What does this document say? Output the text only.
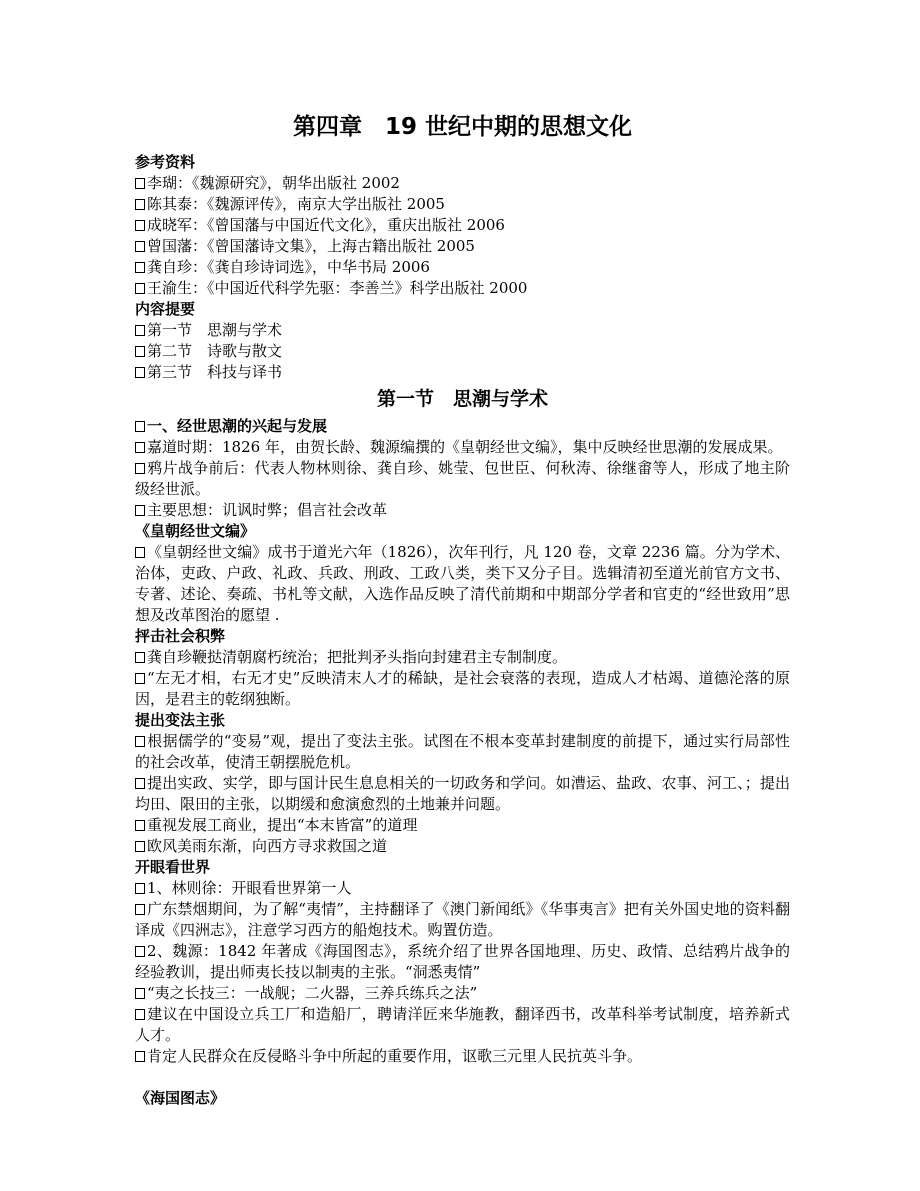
第四章　19 世纪中期的思想文化
参考资料
李瑚：《魏源研究》，朝华出版社 2002
陈其泰：《魏源评传》，南京大学出版社 2005
成晓军：《曾国藩与中国近代文化》，重庆出版社 2006
曾国藩：《曾国藩诗文集》，上海古籍出版社 2005
龚自珍：《龚自珍诗词选》，中华书局 2006
王渝生：《中国近代科学先驱：李善兰》科学出版社 2000
内容提要
第一节　思潮与学术
第二节　诗歌与散文
第三节　科技与译书
第一节　思潮与学术
一、经世思潮的兴起与发展
嘉道时期：1826 年，由贺长龄、魏源编撰的《皇朝经世文编》，集中反映经世思潮的发展成果。
鸦片战争前后：代表人物林则徐、龚自珍、姚莹、包世臣、何秋涛、徐继畬等人，形成了地主阶级经世派。
主要思想：讥讽时弊；倡言社会改革
《皇朝经世文编》
《皇朝经世文编》成书于道光六年（1826），次年刊行，凡 120 卷，文章 2236 篇。分为学术、治体，吏政、户政、礼政、兵政、刑政、工政八类，类下又分子目。选辑清初至道光前官方文书、专著、述论、奏疏、书札等文献，入选作品反映了清代前期和中期部分学者和官吏的“经世致用”思想及改革图治的愿望 .
抨击社会积弊
龚自珍鞭挞清朝腐朽统治；把批判矛头指向封建君主专制制度。
“左无才相，右无才史”反映清末人才的稀缺，是社会衰落的表现，造成人才枯竭、道德沦落的原因，是君主的乾纲独断。
提出变法主张
根据儒学的“变易”观，提出了变法主张。试图在不根本变革封建制度的前提下，通过实行局部性的社会改革，使清王朝摆脱危机。
提出实政、实学，即与国计民生息息相关的一切政务和学问。如漕运、盐政、农事、河工、；提出均田、限田的主张，以期缓和愈演愈烈的土地兼并问题。
重视发展工商业，提出“本末皆富”的道理
欧风美雨东渐，向西方寻求救国之道
开眼看世界
1、林则徐：开眼看世界第一人
广东禁烟期间，为了解“夷情”，主持翻译了《澳门新闻纸》《华事夷言》把有关外国史地的资料翻译成《四洲志》，注意学习西方的船炮技术。购置仿造。
2、魏源：1842 年著成《海国图志》，系统介绍了世界各国地理、历史、政情、总结鸦片战争的经验教训，提出师夷长技以制夷的主张。“洞悉夷情”
“夷之长技三：一战舰；二火器，三养兵练兵之法”
建议在中国设立兵工厂和造船厂，聘请洋匠来华施教，翻译西书，改革科举考试制度，培养新式人才。
肯定人民群众在反侵略斗争中所起的重要作用，讴歌三元里人民抗英斗争。
《海国图志》
